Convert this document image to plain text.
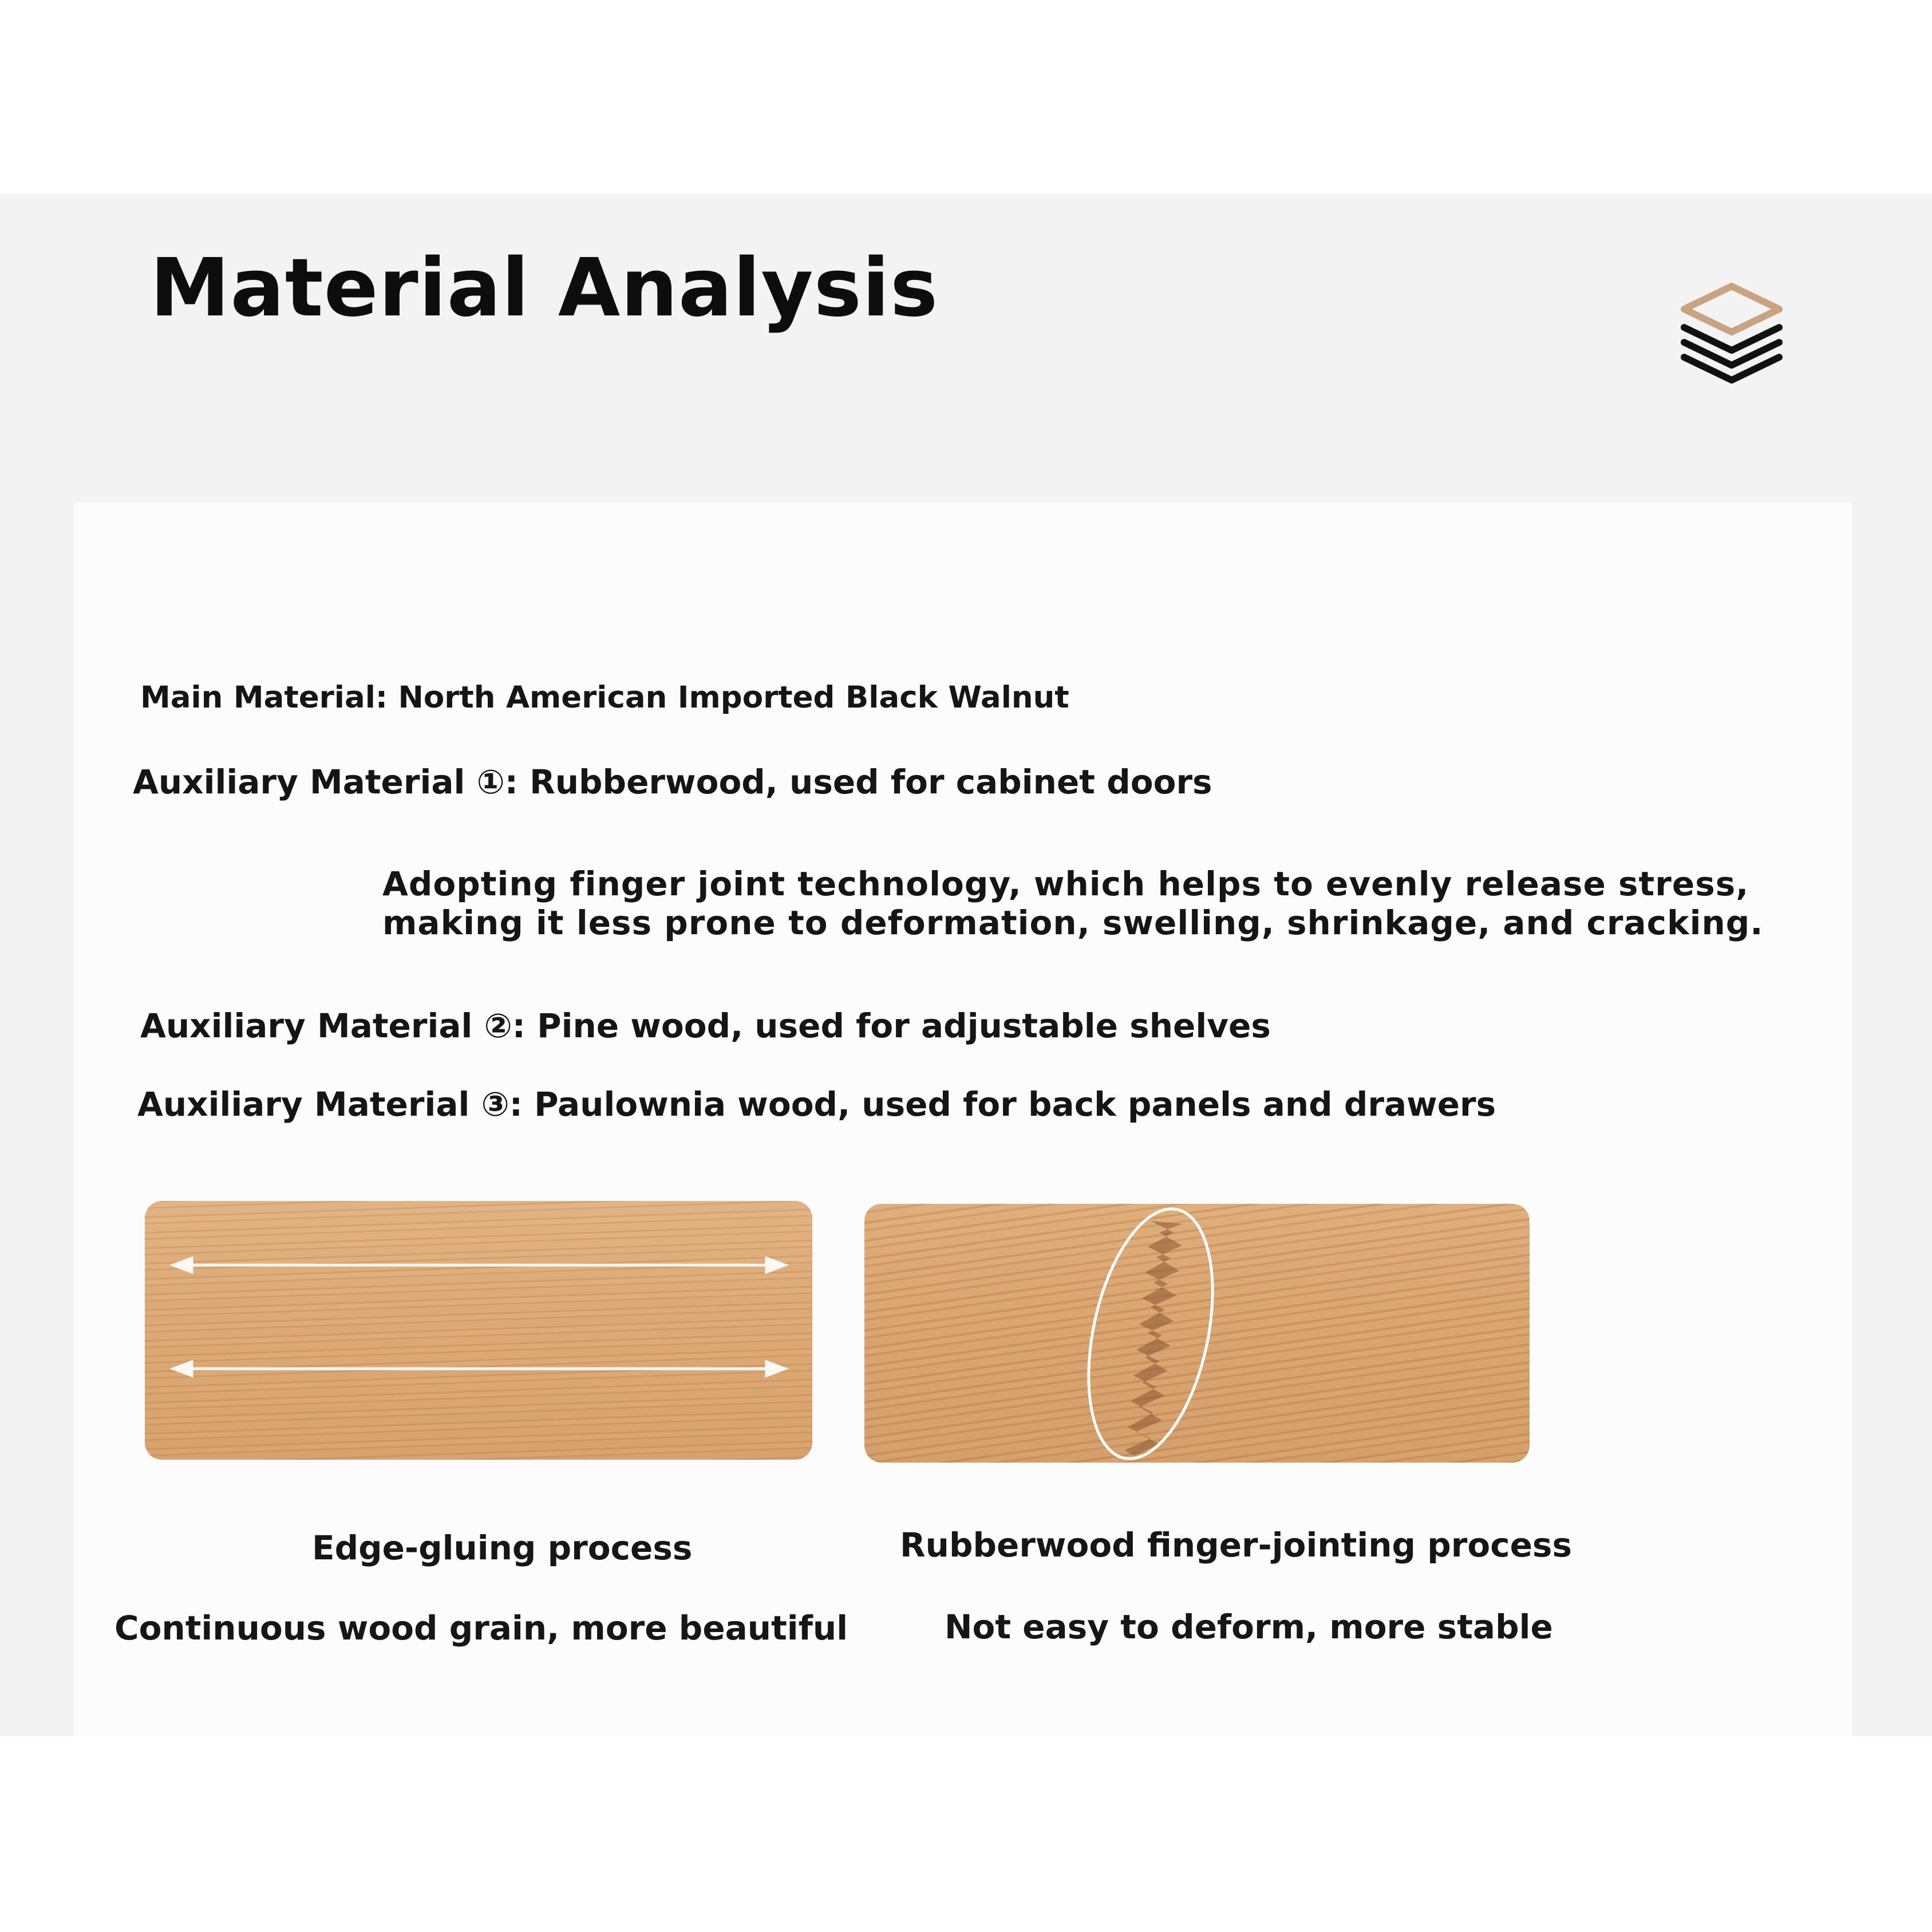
Material Analysis

Main Material: North American Imported Black Walnut

Auxiliary Material ①: Rubberwood, used for cabinet doors

Adopting finger joint technology, which helps to evenly release stress,
making it less prone to deformation, swelling, shrinkage, and cracking.

Auxiliary Material ②: Pine wood, used for adjustable shelves

Auxiliary Material ③: Paulownia wood, used for back panels and drawers

Edge-gluing process

Continuous wood grain, more beautiful

Rubberwood finger-jointing process

Not easy to deform, more stable
